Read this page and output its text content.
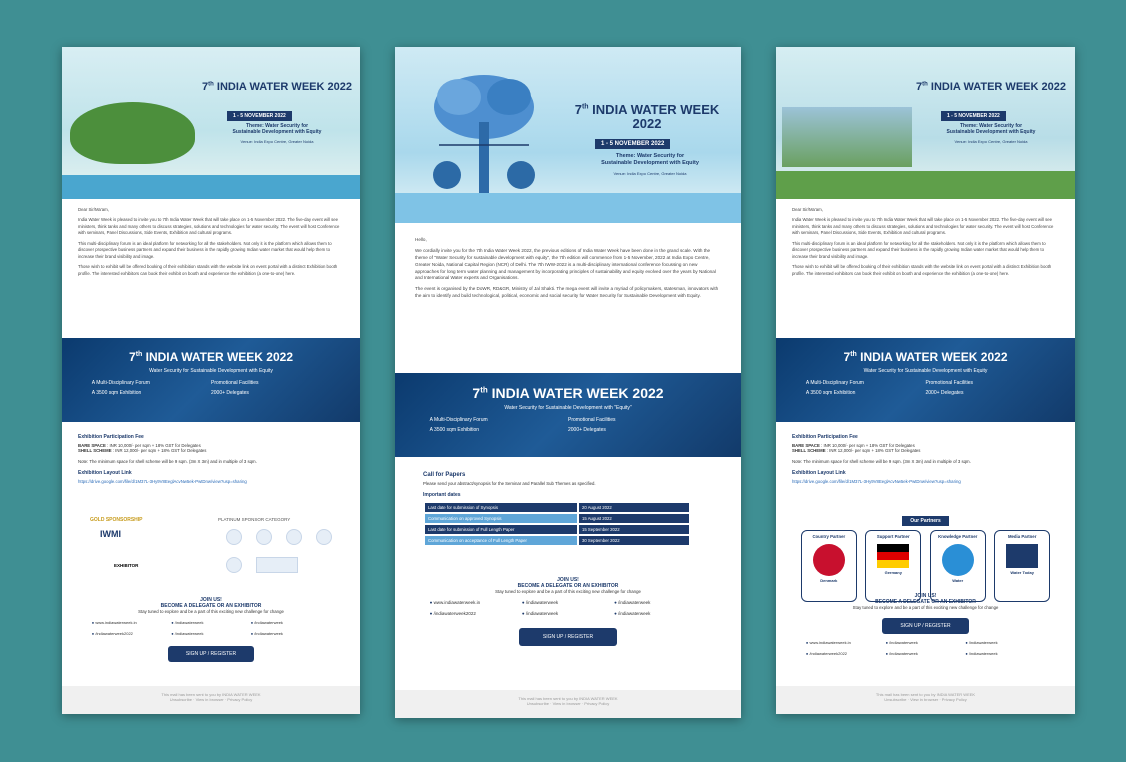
7th INDIA WATER WEEK 2022
1 - 5 NOVEMBER 2022
Theme: Water Security for
Sustainable Development with Equity
Venue: India Expo Centre, Greater Noida

Dear Sir/Ma'am,

India Water Week is pleased to invite you to 7th India Water Week that will take place on 1-5 November 2022. The five-day event will see ministers, think tanks and many others to discuss strategies, solutions and technologies for water security. The event will host Conference with seminars, Panel Discussions, Side Events, Exhibition and cultural programs.

This multi-disciplinary forum is an ideal platform for networking for all the stakeholders. Not only it is the platform which allows them to discover prospective business partners and expand their business in the rapidly growing Indian water market that would help them to increase their brand visibility and image.

Those wish to exhibit will be offered booking of their exhibition stands with the website link on event portal with a distinct Exhibition booth profile. The interested exhibitors can book their exhibit on booth and experience the exhibition (a one-to-one) here.

7th INDIA WATER WEEK 2022
Water Security for Sustainable Development with Equity
A Multi-Disciplinary Forum	Promotional Facilities
A 3500 sqm Exhibition	2000+ Delegates
Exhibition Participation Fee
BARE SPACE : INR 10,000/- per sqm + 18% GST for Delegates
SHELL SCHEME : INR 12,000/- per sqm + 18% GST for Delegates
Note: The minimum space for shell scheme will be 9 sqm. (3m X 3m) and in multiple of 3 sqm.
Exhibition Layout Link
https://drive.google.com/file/d/1M37L-3Hy9V8EeglAcvNw5ek-PwtDnw/view?usp=sharing
GOLD SPONSORSHIP
IWMI
EXHIBITOR
PLATINUM SPONSOR CATEGORY
JOIN US!
BECOME A DELEGATE OR AN EXHIBITOR
Stay tuned to explore and be a part of this exciting new challenge for change
● www.indiawaterweek.in	● /indiawaterweek	● /indiawaterweek
● /indiawaterweek2022	● /indiawaterweek	● /indiawaterweek
SIGN UP / REGISTER
This mail has been sent to you by INDIA WATER WEEK
Unsubscribe · View in browser · Privacy Policy
7th INDIA WATER WEEK 2022
1 - 5 NOVEMBER 2022
Theme: Water Security for
Sustainable Development with Equity
Venue: India Expo Centre, Greater Noida

Hello,

We cordially invite you for the 7th India Water Week 2022, the previous editions of India Water Week have been done in the grand scale. With the theme of "Water Security for sustainable development with equity", the 7th edition will commence from 1-5 November, 2022 at India Expo Centre, Greater Noida, National Capital Region (NCR) of Delhi. The 7th IWW-2022 is a multi-disciplinary international conference focussing on new approaches for long term water planning and management by incorporating principles of sustainability and equity evolved over the years by National and International Water experts and Organisations.

The event is organised by the DoWR, RD&GR, Ministry of Jal Shakti. The mega event will invite a myriad of policymakers, statesman, innovators with the aim to identify and build technological, political, economic and social security for Water Security for Sustainable Development with Equity.

7th INDIA WATER WEEK 2022
Water Security for Sustainable Development with "Equity"
A Multi-Disciplinary Forum	Promotional Facilities
A 3500 sqm Exhibition	2000+ Delegates
Call for Papers
Please send your abstract/synopsis for the Seminar and Parallel Sub Themes as specified.
Important dates
Last date for submission of Synopsis	20 August 2022
Communication on approved Synopsis	15 August 2022
Last date for submission of Full Length Paper	15 September 2022
Communication on acceptance of Full Length Paper	30 September 2022
JOIN US!
BECOME A DELEGATE OR AN EXHIBITOR
Stay tuned to explore and be a part of this exciting new challenge for change
● www.indiawaterweek.in	● /indiawaterweek	● /indiawaterweek
● /indiawaterweek2022	● /indiawaterweek	● /indiawaterweek
SIGN UP / REGISTER
This mail has been sent to you by INDIA WATER WEEK
Unsubscribe · View in browser · Privacy Policy
7th INDIA WATER WEEK 2022
1 - 5 NOVEMBER 2022
Theme: Water Security for
Sustainable Development with Equity
Venue: India Expo Centre, Greater Noida

Dear Sir/Ma'am,

India Water Week is pleased to invite you to 7th India Water Week that will take place on 1-5 November 2022. The five-day event will see ministers, think tanks and many others to discuss strategies, solutions and technologies for water security. The event will host Conference with seminars, Panel Discussions, Side Events, Exhibition and cultural programs.

This multi-disciplinary forum is an ideal platform for networking for all the stakeholders. Not only it is the platform which allows them to discover prospective business partners and expand their business in the rapidly growing Indian water market that would help them to increase their brand visibility and image.

Those wish to exhibit will be offered booking of their exhibition stands with the website link on event portal with a distinct Exhibition booth profile. The interested exhibitors can book their exhibit on booth and experience the exhibition (a one-to-one) here.

7th INDIA WATER WEEK 2022
Water Security for Sustainable Development with Equity
A Multi-Disciplinary Forum	Promotional Facilities
A 3500 sqm Exhibition	2000+ Delegates
Exhibition Participation Fee
BARE SPACE : INR 10,000/- per sqm + 18% GST for Delegates
SHELL SCHEME : INR 12,000/- per sqm + 18% GST for Delegates
Note: The minimum space for shell scheme will be 9 sqm. (3m X 3m) and in multiple of 3 sqm.
Exhibition Layout Link
https://drive.google.com/file/d/1M37L-3Hy9V8EeglAcvNw5ek-PwtDnw/view?usp=sharing
Our Partners
Country Partner
Denmark

Support Partner
Germany

Knowledge Partner
Water

Media Partner
Water Today
JOIN US!
BECOME A DELEGATE OR AN EXHIBITOR
Stay tuned to explore and be a part of this exciting new challenge for change
SIGN UP / REGISTER
● www.indiawaterweek.in	● /indiawaterweek	● /indiawaterweek
● /indiawaterweek2022	● /indiawaterweek	● /indiawaterweek
This mail has been sent to you by INDIA WATER WEEK
Unsubscribe · View in browser · Privacy Policy
